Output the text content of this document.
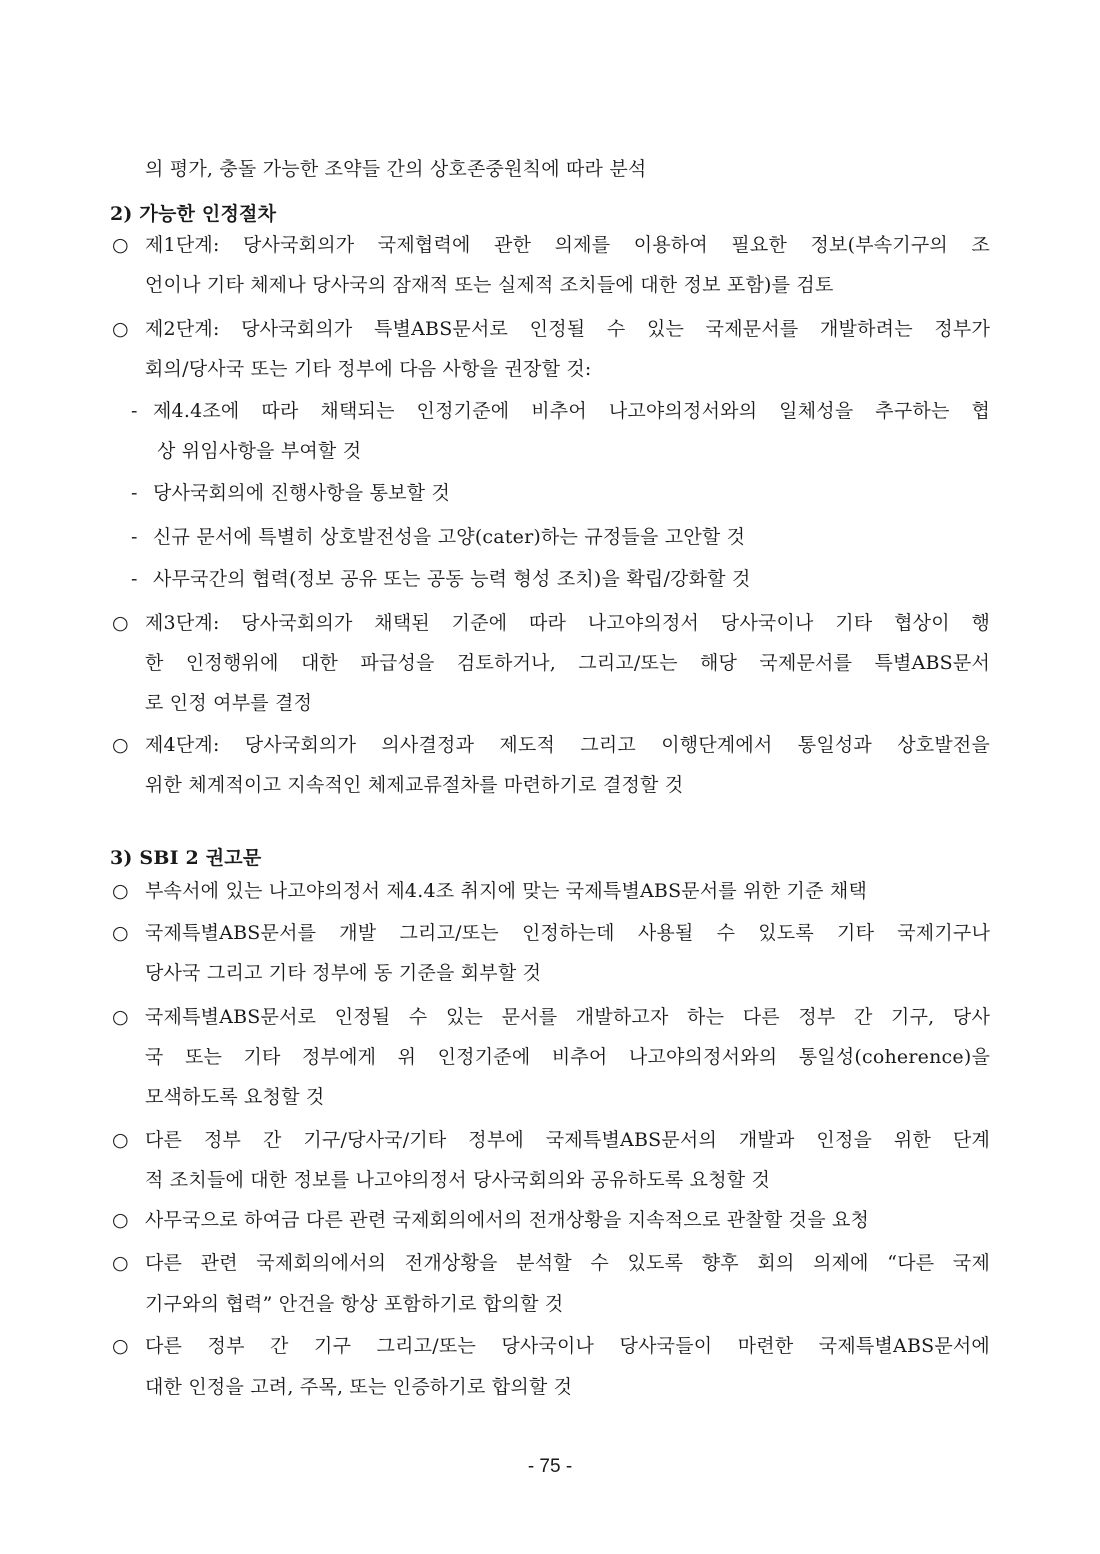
의 평가, 충돌 가능한 조약들 간의 상호존중원칙에 따라 분석
2) 가능한 인정절차
○ 제1단계: 당사국회의가 국제협력에 관한 의제를 이용하여 필요한 정보(부속기구의 조
언이나 기타 체제나 당사국의 잠재적 또는 실제적 조치들에 대한 정보 포함)를 검토
○ 제2단계: 당사국회의가 특별ABS문서로 인정될 수 있는 국제문서를 개발하려는 정부가
회의/당사국 또는 기타 정부에 다음 사항을 권장할 것:
- 제4.4조에 따라 채택되는 인정기준에 비추어 나고야의정서와의 일체성을 추구하는 협
상 위임사항을 부여할 것
- 당사국회의에 진행사항을 통보할 것
- 신규 문서에 특별히 상호발전성을 고양(cater)하는 규정들을 고안할 것
- 사무국간의 협력(정보 공유 또는 공동 능력 형성 조치)을 확립/강화할 것
○ 제3단계: 당사국회의가 채택된 기준에 따라 나고야의정서 당사국이나 기타 협상이 행
한 인정행위에 대한 파급성을 검토하거나, 그리고/또는 해당 국제문서를 특별ABS문서
로 인정 여부를 결정
○ 제4단계: 당사국회의가 의사결정과 제도적 그리고 이행단계에서 통일성과 상호발전을
위한 체계적이고 지속적인 체제교류절차를 마련하기로 결정할 것
3) SBI 2 권고문
○ 부속서에 있는 나고야의정서 제4.4조 취지에 맞는 국제특별ABS문서를 위한 기준 채택
○ 국제특별ABS문서를 개발 그리고/또는 인정하는데 사용될 수 있도록 기타 국제기구나
당사국 그리고 기타 정부에 동 기준을 회부할 것
○ 국제특별ABS문서로 인정될 수 있는 문서를 개발하고자 하는 다른 정부 간 기구, 당사
국 또는 기타 정부에게 위 인정기준에 비추어 나고야의정서와의 통일성(coherence)을
모색하도록 요청할 것
○ 다른 정부 간 기구/당사국/기타 정부에 국제특별ABS문서의 개발과 인정을 위한 단계
적 조치들에 대한 정보를 나고야의정서 당사국회의와 공유하도록 요청할 것
○ 사무국으로 하여금 다른 관련 국제회의에서의 전개상황을 지속적으로 관찰할 것을 요청
○ 다른 관련 국제회의에서의 전개상황을 분석할 수 있도록 향후 회의 의제에 “다른 국제
기구와의 협력” 안건을 항상 포함하기로 합의할 것
○ 다른 정부 간 기구 그리고/또는 당사국이나 당사국들이 마련한 국제특별ABS문서에
대한 인정을 고려, 주목, 또는 인증하기로 합의할 것
- 75 -
